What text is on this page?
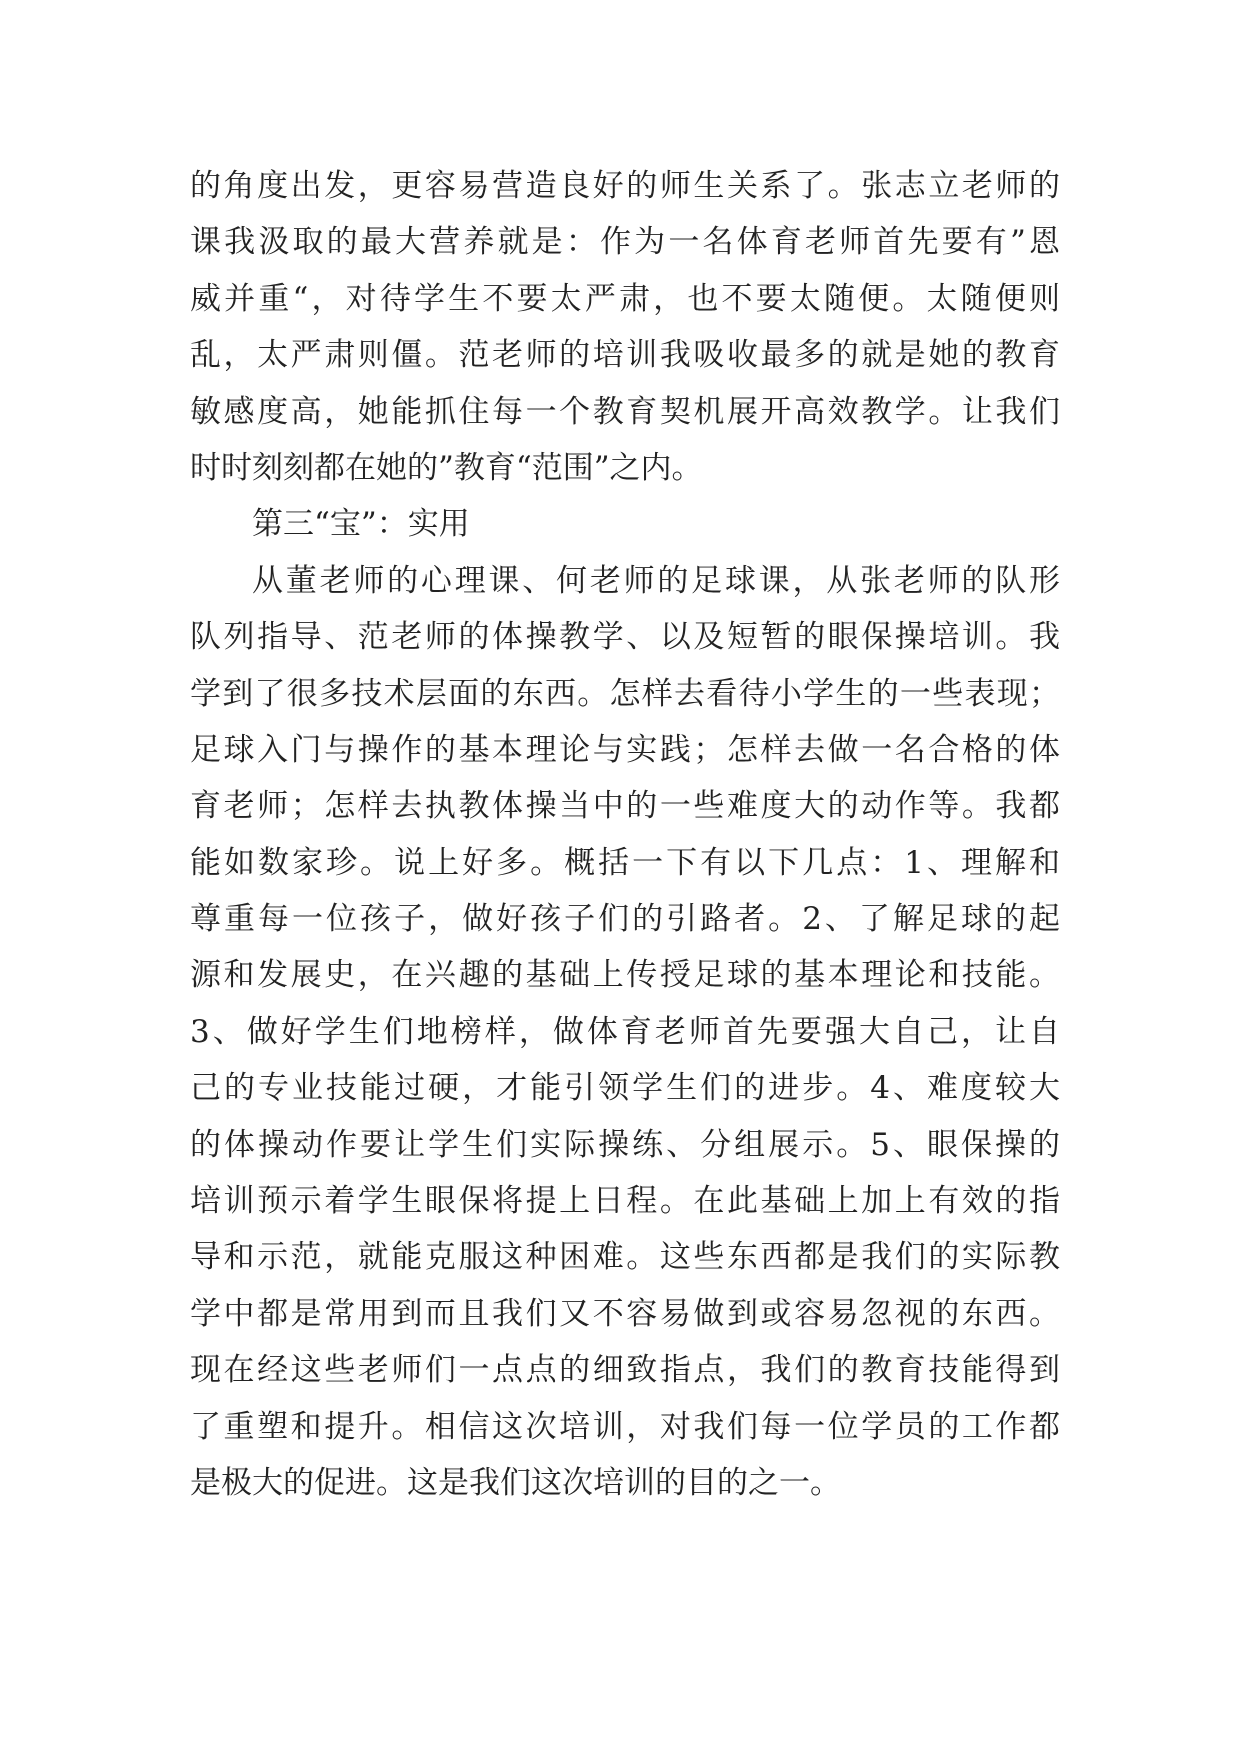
的角度出发，更容易营造良好的师生关系了。张志立老师的
课我汲取的最大营养就是：作为一名体育老师首先要有”恩
威并重“，对待学生不要太严肃，也不要太随便。太随便则
乱，太严肃则僵。范老师的培训我吸收最多的就是她的教育
敏感度高，她能抓住每一个教育契机展开高效教学。让我们
时时刻刻都在她的”教育“范围”之内。
第三“宝”：实用
从董老师的心理课、何老师的足球课，从张老师的队形
队列指导、范老师的体操教学、以及短暂的眼保操培训。我
学到了很多技术层面的东西。怎样去看待小学生的一些表现；
足球入门与操作的基本理论与实践；怎样去做一名合格的体
育老师；怎样去执教体操当中的一些难度大的动作等。我都
能如数家珍。说上好多。概括一下有以下几点：1、理解和
尊重每一位孩子，做好孩子们的引路者。2、了解足球的起
源和发展史，在兴趣的基础上传授足球的基本理论和技能。
3、做好学生们地榜样，做体育老师首先要强大自己，让自
己的专业技能过硬，才能引领学生们的进步。4、难度较大
的体操动作要让学生们实际操练、分组展示。5、眼保操的
培训预示着学生眼保将提上日程。在此基础上加上有效的指
导和示范，就能克服这种困难。这些东西都是我们的实际教
学中都是常用到而且我们又不容易做到或容易忽视的东西。
现在经这些老师们一点点的细致指点，我们的教育技能得到
了重塑和提升。相信这次培训，对我们每一位学员的工作都
是极大的促进。这是我们这次培训的目的之一。
